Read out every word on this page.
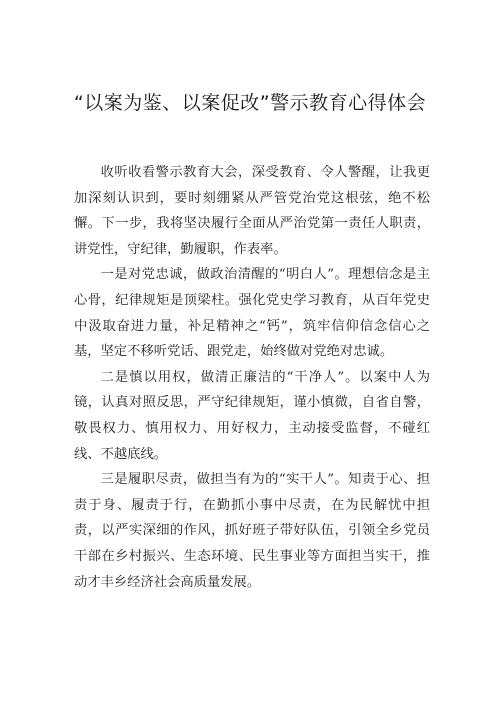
“以案为鉴、以案促改”警示教育心得体会

收听收看警示教育大会，深受教育、令人警醒，让我更加深刻认识到，要时刻绷紧从严管党治党这根弦，绝不松懈。下一步，我将坚决履行全面从严治党第一责任人职责，讲党性，守纪律，勤履职，作表率。

一是对党忠诚，做政治清醒的“明白人”。理想信念是主心骨，纪律规矩是顶梁柱。强化党史学习教育，从百年党史中汲取奋进力量，补足精神之“钙”，筑牢信仰信念信心之基，坚定不移听党话、跟党走，始终做对党绝对忠诚。

二是慎以用权，做清正廉洁的“干净人”。以案中人为镜，认真对照反思，严守纪律规矩，谨小慎微，自省自警，敬畏权力、慎用权力、用好权力，主动接受监督，不碰红线、不越底线。

三是履职尽责，做担当有为的“实干人”。知责于心、担责于身、履责于行，在勤抓小事中尽责，在为民解忧中担责，以严实深细的作风，抓好班子带好队伍，引领全乡党员干部在乡村振兴、生态环境、民生事业等方面担当实干，推动才丰乡经济社会高质量发展。
